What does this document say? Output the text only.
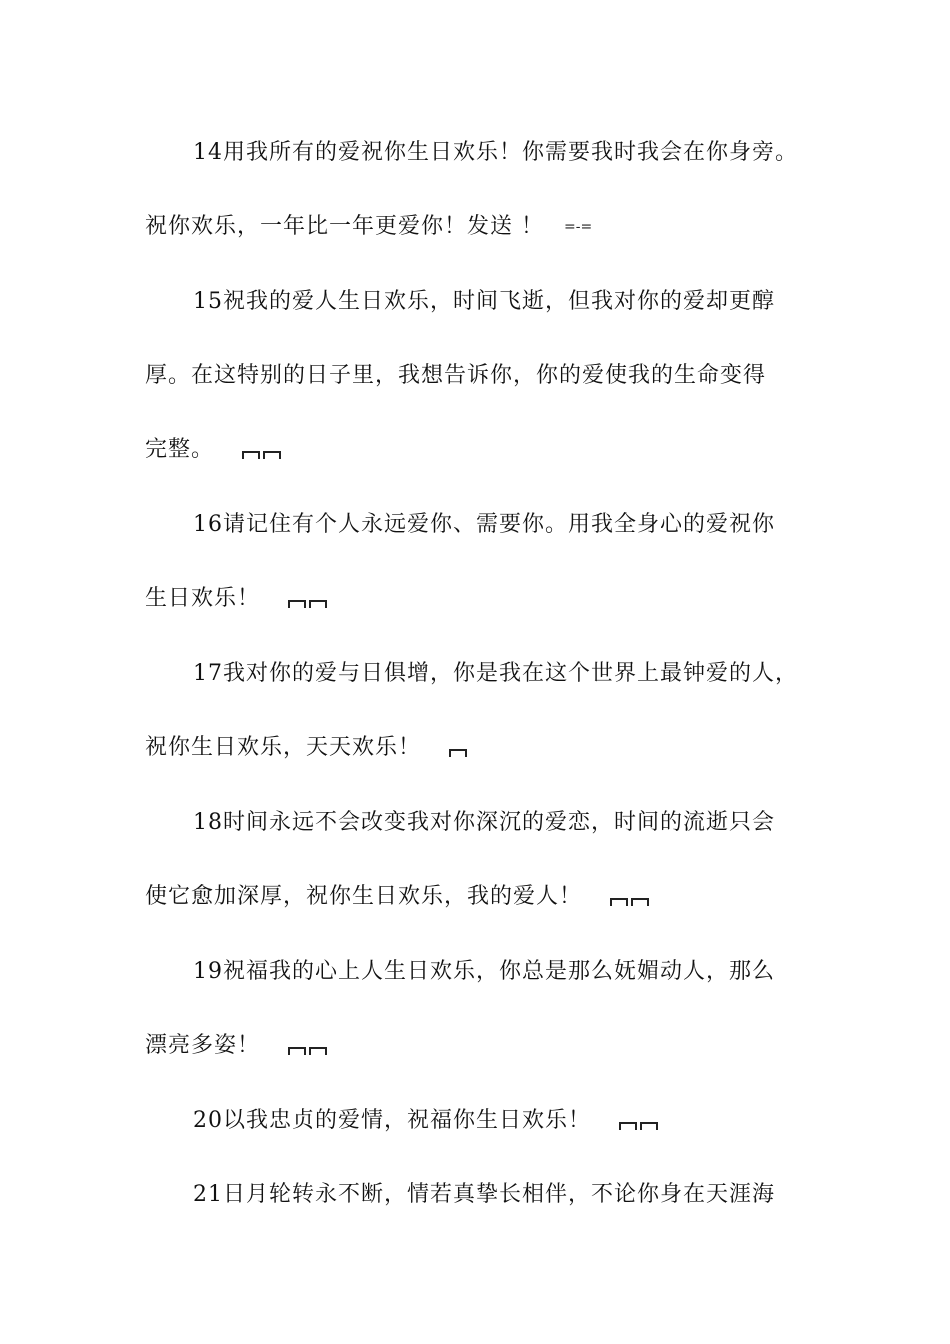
14用我所有的爱祝你生日欢乐！你需要我时我会在你身旁。
祝你欢乐，一年比一年更爱你！发送 ！ =-=
15祝我的爱人生日欢乐，时间飞逝，但我对你的爱却更醇
厚。在这特别的日子里，我想告诉你，你的爱使我的生命变得
完整。
16请记住有个人永远爱你、需要你。用我全身心的爱祝你
生日欢乐！
17我对你的爱与日俱增，你是我在这个世界上最钟爱的人，
祝你生日欢乐，天天欢乐！
18时间永远不会改变我对你深沉的爱恋，时间的流逝只会
使它愈加深厚，祝你生日欢乐，我的爱人！
19祝福我的心上人生日欢乐，你总是那么妩媚动人，那么
漂亮多姿！
20以我忠贞的爱情，祝福你生日欢乐！
21日月轮转永不断，情若真挚长相伴，不论你身在天涯海
